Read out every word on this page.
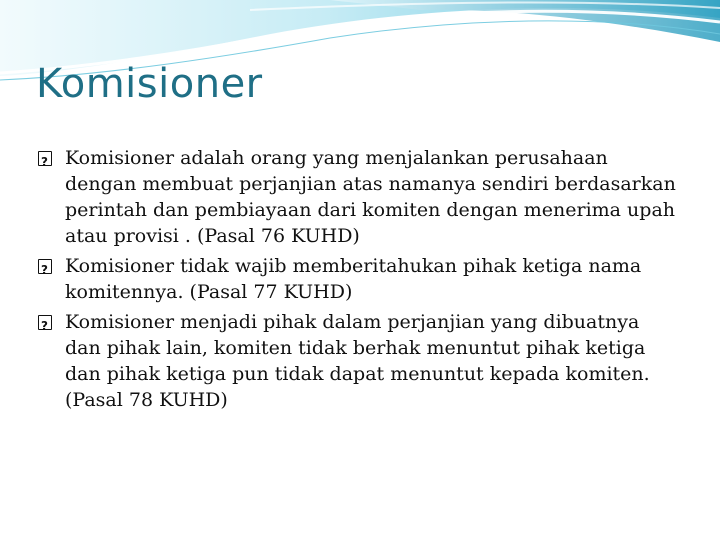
Komisioner
?
Komisioner adalah orang yang menjalankan perusahaan dengan membuat perjanjian atas namanya sendiri berdasarkan perintah dan pembiayaan dari komiten dengan menerima upah atau provisi . (Pasal 76 KUHD)
?
Komisioner tidak wajib memberitahukan pihak ketiga nama komitennya. (Pasal 77 KUHD)
?
Komisioner menjadi pihak dalam perjanjian yang dibuatnya dan pihak lain, komiten tidak berhak menuntut pihak ketiga dan pihak ketiga pun tidak dapat menuntut kepada komiten. (Pasal 78 KUHD)
